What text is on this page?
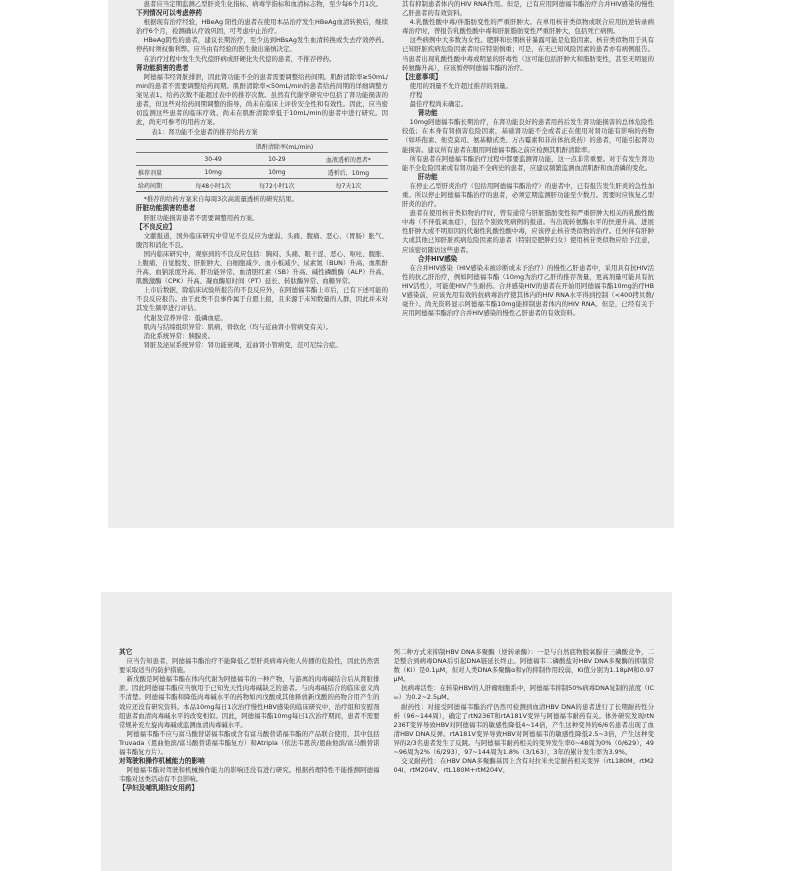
患者应当定期监测乙型肝炎生化指标、病毒学指标和血清标志物，至少每6个月1次。

下列情况可以考虑停药

根据现有治疗经验，HBeAg 阳性的患者在使用本品治疗发生HBeAg血清转换后，继续治疗6个月，检测确认疗效巩固，可考虑中止治疗。

HBeAg阴性的患者，建议长期治疗，至少达到HBsAg发生血清转换或失去疗效停药。停药时须权衡利弊。应当由有经验的医生做出谨慎决定。

在治疗过程中发生失代偿肝病或肝硬化失代偿的患者，不推荐停药。

肾功能损害的患者

阿德福韦经肾脏排泄，因此肾功能不全的患者需要调整给药间期。肌酐清除率≥50mL/min的患者不需要调整给药间期。肌酐清除率<50mL/min的患者给药间期的详细调整方案见表1。给药次数不能超过表中的推荐次数。虽然有代谢学研究中包括了肾功能损害的患者，但这些对给药间期调整的指导，尚未在临床上评价安全性和有效性。因此，应当密切监测这些患者的临床疗效、尚未在肌酐清除率低于10mL/min的患者中进行研究。因此，尚无可参考的用药方案。

表1：肾功能不全患者的推荐给药方案

	肌酐清除率(mL/min)		
	30-49	10-29	血液透析的患者*
推荐剂量	10mg	10mg	透析后，10mg
给药间期	每48小时1次	每72小时1次	每7天1次

*推荐的给药方案来自每周3次高流量透析的研究结果。

肝脏功能损害的患者

肝脏功能损害患者不需要调整用药方案。

【不良反应】

文献报道，国外临床研究中常见不良反应为虚弱、头痛、腹痛、恶心、（胃肠）胀气、腹泻和消化不良。

国内临床研究中，观察到的不良反应包括：胸闷、头痛、眼干涩、恶心、呕吐、腹胀、上腹痛、自觉脱发、肝脏肿大、白细胞减少、血小板减少、尿素氮（BUN）升高、血肌酐升高、血钠浓度升高、肝功能异常、血清胆红素（SB）升高、碱性磷酸酶（ALP）升高、肌酸激酶（CPK）升高、凝血酶原时间（PT）延长、转肽酶异常、血糖异常。

上市后数据，除临床试验所报告的不良反应外，在阿德福韦酯上市后，已有下述可能的不良反应报告。由于此类不良事件属于自愿上报，且来源于未知数量的人群，因此并未对其发生频率进行评估。

代谢及营养异常：低磷血症。

肌肉与结缔组织异常：肌病，骨软化（均与近曲肾小管病变有关）。

消化系统异常：胰腺炎。

肾脏及泌尿系统异常：肾功能衰竭，近曲肾小管病变，范可尼综合症。

其有抑制患者体内的HIV RNA作用。但是，已有应用阿德福韦酯治疗合并HIV感染的慢性乙肝患者的有效资料。

4.乳酸性酸中毒/伴脂肪变性的严重肝肿大。在单用核苷类似物或联合应用抗逆转录病毒治疗时，曾报告乳酸性酸中毒和肝脏脂肪变性严重肝肿大，包括死亡病例。

这些病例中大多数为女性。肥胖和长期核苷暴露可能是危险因素。核苷类似物用于具有已知肝脏疾病危险因素者时应特别慎重；可是，在无已知风险因素的患者亦有病例报告。当患者出现乳酸性酸中毒或明显的肝毒性（这可能包括肝肿大和脂肪变性，甚至无明显的转氨酶升高），应该暂停阿德福韦酯的治疗。

【注意事项】

使用的剂量不允许超过推荐的剂量。

疗程

最佳疗程尚未确定。

肾功能

10mg阿德福韦酯长期治疗，在肾功能良好的患者用药后发生肾功能损害的总体危险性较低；在本身有肾损害危险因素，基础肾功能不全或者正在使用对肾功能有影响的药物（如环孢素、他克莫司、氨基糖甙类、万古霉素和非甾体抗炎药）的患者，可能引起肾功能损害。建议所有患者在服用阿德福韦酯之前应检测其肌酐清除率。

所有患者在阿德福韦酯治疗过程中都要监测肾功能，这一点非常重要。对于有发生肾功能不全危险因素或有肾功能不全病史的患者，应建议频繁监测血清肌酐和血清磷的变化。

肝功能

在停止乙型肝炎治疗（包括用阿德福韦酯治疗）的患者中，已有报告发生肝炎的急性加重。所以停止阿德福韦酯治疗的患者，必须定期监测肝功能至少数月。需要时应恢复乙型肝炎的治疗。

患者在使用核苷类似物治疗时，曾有通常与肝脏脂肪变性和严重肝肿大相关的乳酸性酸中毒（不伴低氧血症），包括个别致死病例的报道。当出现转氨酶水平的快速升高、进展性肝肿大或不明原因的代谢性乳酸性酸中毒，应该停止核苷类似物的治疗。任何伴有肝肿大或其他已知肝脏疾病危险因素的患者（特别是肥胖妇女）使用核苷类似物应给予注意，应该密切随访这些患者。

合并HIV感染

在合并HIV感染（HIV感染未被诊断或未予治疗）的慢性乙肝患者中，采用具有抗HIV活性的抗乙肝治疗，例如阿德福韦酯（10mg为治疗乙肝的推荐剂量，更高剂量可能具有抗HIV活性），可能使HIV产生耐药。合并感染HIV的患者在开始用阿德福韦酯10mg治疗HBV感染前，应该先用有效的抗病毒治疗使其体内的HIV RNA水平得到控制（<400拷贝数/毫升）。尚无资料显示阿德福韦酯10mg能抑制患者体内的HIV RNA。但是，已经有关于应用阿德福韦酯治疗合并HIV感染的慢性乙肝患者的有效资料。

其它

应当告知患者，阿德福韦酯治疗不能降低乙型肝炎病毒向他人传播的危险性，因此仍然需要采取适当的防护措施。

新戊酸是阿德福韦酯在体内代谢为阿德福韦的一种产物，与游离的肉毒碱结合后从肾脏排泄。因此阿德福韦酯应当慎用于已知先天性肉毒碱缺乏的患者。与肉毒碱结合的临床意义尚不清楚。阿德福韦酯和降低肉毒碱水平的药物如丙戊酸或其他释放新戊酸的药物合用产生的效应还没有研究资料。本品10mg每日1次治疗慢性HBV感染的临床研究中，治疗组和安慰剂组患者血清肉毒碱水平的改变相似。因此，阿德福韦酯10mg每日1次治疗期间，患者不需要常规补充左旋肉毒碱或监测血清肉毒碱水平。

阿德福韦酯不应与富马酸替诺福韦酯或含有富马酸替诺福韦酯的产品联合使用，其中包括Truvada（恩曲他滨/富马酸替诺福韦酯复方）和Atripla（依法韦恩茨/恩曲他滨/富马酸替诺福韦酯复方片）。

对驾驶和操作机械能力的影响

阿德福韦酯对驾驶和机械操作能力的影响还没有进行研究。根据药理特性不能推测阿德福韦酯对这类活动有不良影响。

【孕妇及哺乳期妇女用药】

列二种方式来抑制HBV DNA多聚酶（逆转录酶）：一是与自然底物脱氧腺苷三磷酸竞争，二是整合到病毒DNA后引起DNA链延长终止。阿德福韦二磷酸盐对HBV DNA多聚酶的抑制常数（Ki）是0.1μM，但对人类DNA多聚酶α和γ的抑制作用较弱，Ki值分别为1.18μM和0.97μM。

抗病毒活性：在转染HBV的人肝瘤细胞系中，阿德福韦抑制50%病毒DNA复制的浓度（IC₅₀）为0.2~2.5μM。

耐药性：对接受阿德福韦酯治疗仍然可检测到血清HBV DNA的患者进行了长期耐药性分析（96~144周），确定了rtN236T和rtA181V变异与阿德福韦耐药有关。体外研究发现rtN236T变异导致HBV对阿德福韦的敏感性降低4~14倍，产生这种变异的6/6名患者出现了血清HBV DNA反弹。rtA181V变异导致HBV对阿德福韦的敏感性降低2.5~3倍，产生这种变异的2/3名患者发生了反跳。与阿德福韦耐药相关的变异发生率0~48周为0%（0/629），49~96周为2%（6/293），97~144周为1.8%（3/163），3年的累计发生率为3.9%。

交叉耐药性：在HBV DNA多聚酶基因上含有对拉米夫定耐药相关变异（rtL180M、rtM204I、rtM204V、rtL180M+rtM204V、
